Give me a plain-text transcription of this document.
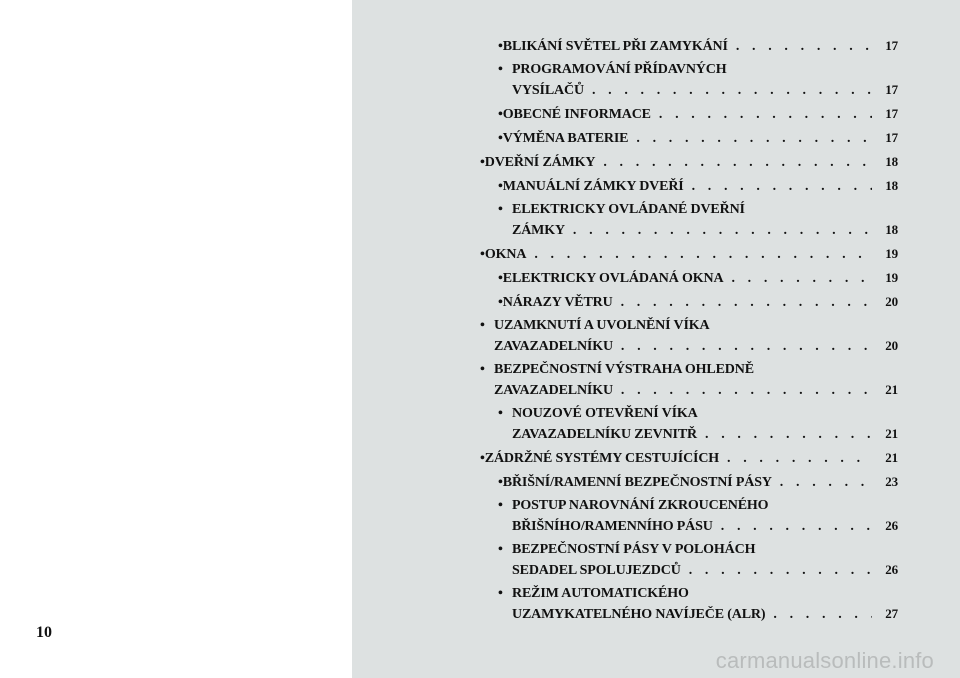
10
• BLIKÁNÍ SVĚTEL PŘI ZAMYKÁNÍ . . .	17
• PROGRAMOVÁNÍ PŘÍDAVNÝCH
VYSÍLAČŮ . . .	17
• OBECNÉ INFORMACE . . .	17
• VÝMĚNA BATERIE . . .	17
• DVEŘNÍ ZÁMKY . . .	18
• MANUÁLNÍ ZÁMKY DVEŘÍ . . .	18
• ELEKTRICKY OVLÁDANÉ DVEŘNÍ
ZÁMKY . . .	18
• OKNA . . .	19
• ELEKTRICKY OVLÁDANÁ OKNA . . .	19
• NÁRAZY VĚTRU . . .	20
• UZAMKNUTÍ A UVOLNĚNÍ VÍKA
ZAVAZADELNÍKU . . .	20
• BEZPEČNOSTNÍ VÝSTRAHA OHLEDNĚ
ZAVAZADELNÍKU . . .	21
• NOUZOVÉ OTEVŘENÍ VÍKA
ZAVAZADELNÍKU ZEVNITŘ . . .	21
• ZÁDRŽNÉ SYSTÉMY CESTUJÍCÍCH . . .	21
• BŘIŠNÍ/RAMENNÍ BEZPEČNOSTNÍ PÁSY . . .	23
• POSTUP NAROVNÁNÍ ZKROUCENÉHO
BŘIŠNÍHO/RAMENNÍHO PÁSU . . .	26
• BEZPEČNOSTNÍ PÁSY V POLOHÁCH
SEDADEL SPOLUJEZDCŮ . . .	26
• REŽIM AUTOMATICKÉHO
UZAMYKATELNÉHO NAVÍJEČE (ALR) . . .	27
carmanualsonline.info
